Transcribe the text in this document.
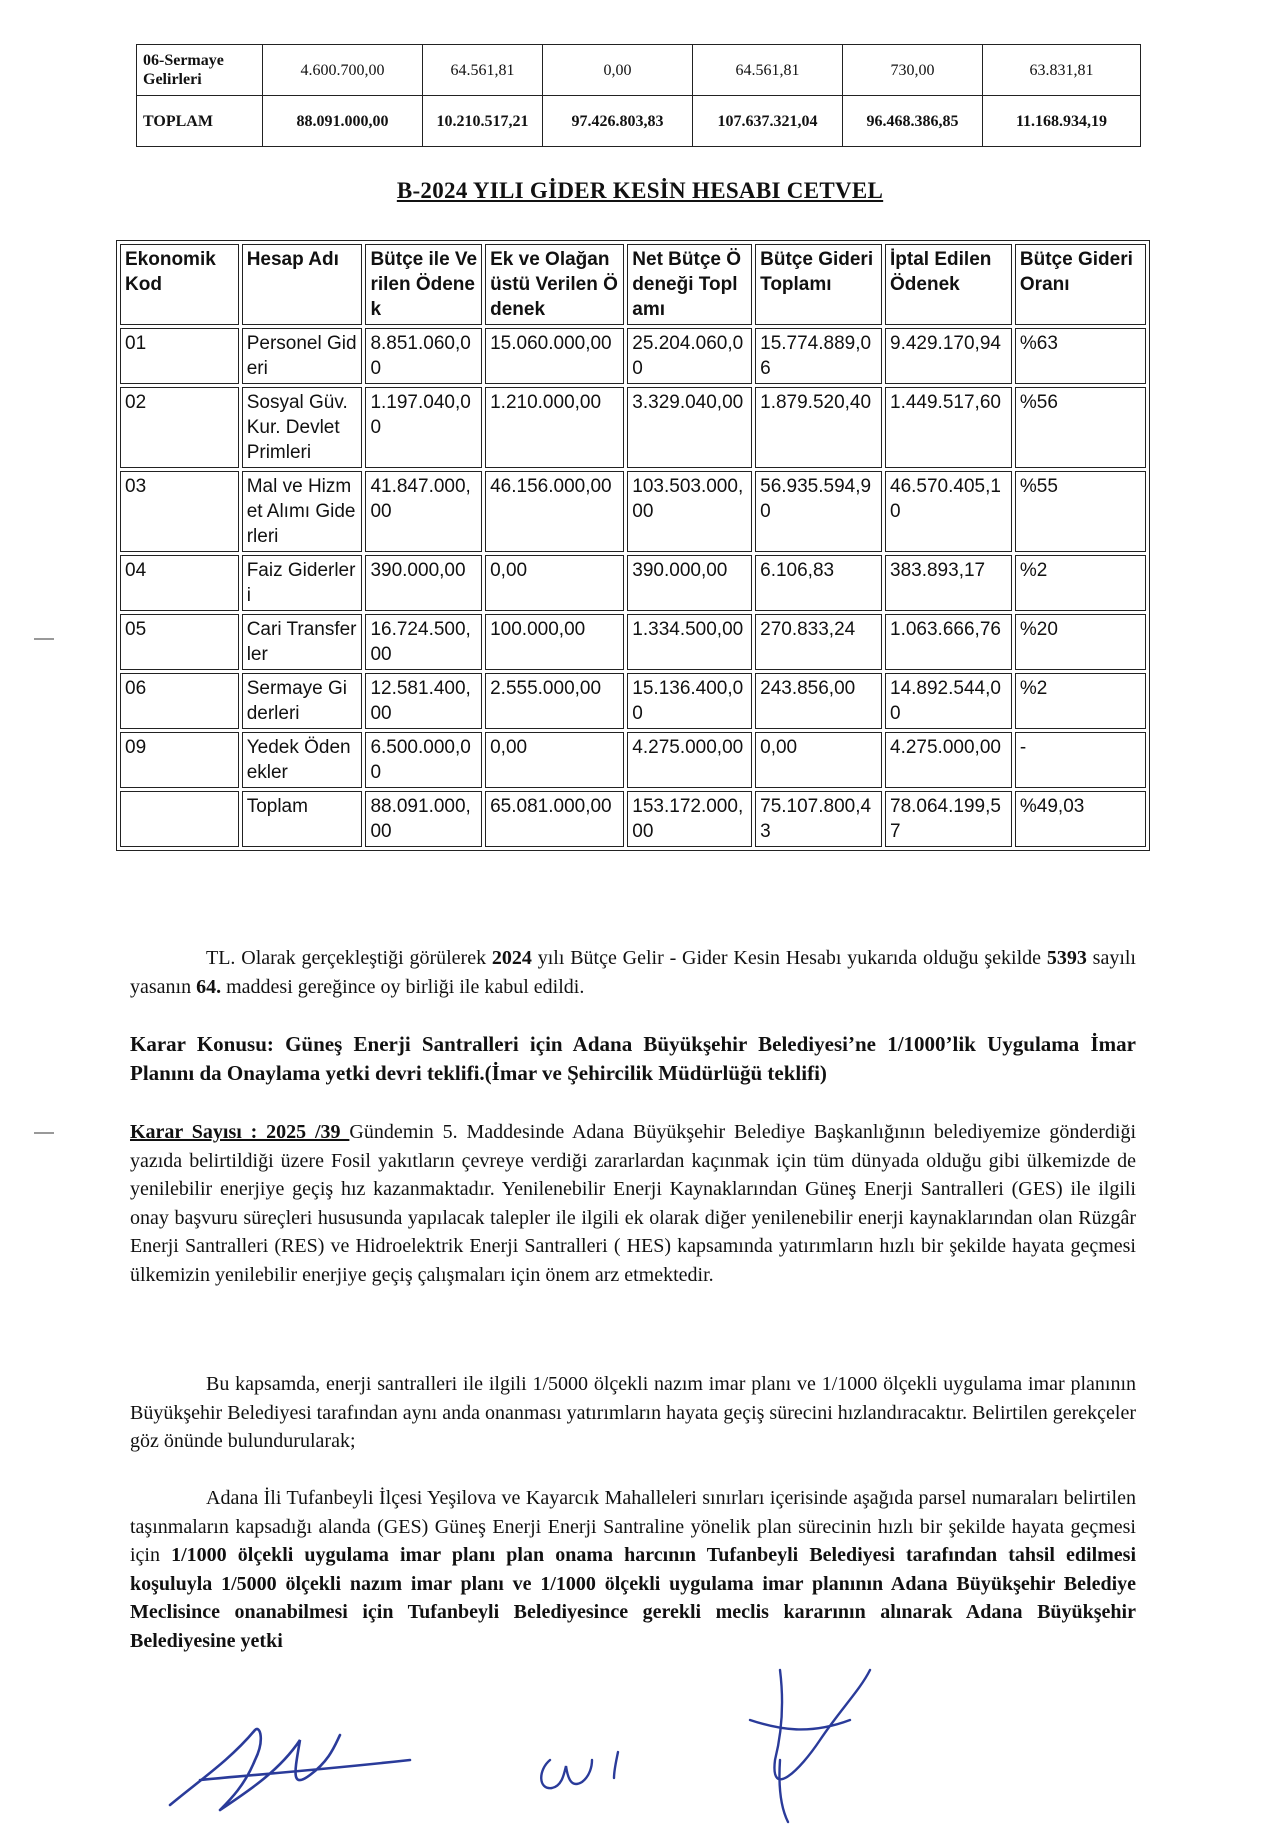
06-Sermaye Gelirleri	4.600.700,00	64.561,81	0,00	64.561,81	730,00	63.831,81
TOPLAM	88.091.000,00	10.210.517,21	97.426.803,83	107.637.321,04	96.468.386,85	11.168.934,19
B-2024 YILI GİDER KESİN HESABI CETVEL
Ekonomik Kod	Hesap Adı	Bütçe ile Verilen Ödenek	Ek ve Olağanüstü Verilen Ödenek	Net Bütçe Ödeneği Toplamı	Bütçe Gideri Toplamı	İptal Edilen Ödenek	Bütçe Gideri Oranı
01	Personel Gideri	8.851.060,00	15.060.000,00	25.204.060,00	15.774.889,06	9.429.170,94	%63
02	Sosyal Güv. Kur. Devlet Primleri	1.197.040,00	1.210.000,00	3.329.040,00	1.879.520,40	1.449.517,60	%56
03	Mal ve Hizmet Alımı Giderleri	41.847.000,00	46.156.000,00	103.503.000,00	56.935.594,90	46.570.405,10	%55
04	Faiz Giderleri	390.000,00	0,00	390.000,00	6.106,83	383.893,17	%2
05	Cari Transferler	16.724.500,00	100.000,00	1.334.500,00	270.833,24	1.063.666,76	%20
06	Sermaye Giderleri	12.581.400,00	2.555.000,00	15.136.400,00	243.856,00	14.892.544,00	%2
09	Yedek Ödenekler	6.500.000,00	0,00	4.275.000,00	0,00	4.275.000,00	-
	Toplam	88.091.000,00	65.081.000,00	153.172.000,00	75.107.800,43	78.064.199,57	%49,03
TL. Olarak gerçekleştiği görülerek 2024 yılı Bütçe Gelir - Gider Kesin Hesabı yukarıda olduğu şekilde 5393 sayılı yasanın 64. maddesi gereğince oy birliği ile kabul edildi.
Karar Konusu: Güneş Enerji Santralleri için Adana Büyükşehir Belediyesi’ne 1/1000’lik Uygulama İmar Planını da Onaylama yetki devri teklifi.(İmar ve Şehircilik Müdürlüğü teklifi)
Karar Sayısı : 2025 /39 Gündemin 5. Maddesinde Adana Büyükşehir Belediye Başkanlığının belediyemize gönderdiği yazıda belirtildiği üzere Fosil yakıtların çevreye verdiği zararlardan kaçınmak için tüm dünyada olduğu gibi ülkemizde de yenilebilir enerjiye geçiş hız kazanmaktadır. Yenilenebilir Enerji Kaynaklarından Güneş Enerji Santralleri (GES) ile ilgili onay başvuru süreçleri hususunda yapılacak talepler ile ilgili ek olarak diğer yenilenebilir enerji kaynaklarından olan Rüzgâr Enerji Santralleri (RES) ve Hidroelektrik Enerji Santralleri ( HES) kapsamında yatırımların hızlı bir şekilde hayata geçmesi ülkemizin yenilebilir enerjiye geçiş çalışmaları için önem arz etmektedir.
Bu kapsamda, enerji santralleri ile ilgili 1/5000 ölçekli nazım imar planı ve 1/1000 ölçekli uygulama imar planının Büyükşehir Belediyesi tarafından aynı anda onanması yatırımların hayata geçiş sürecini hızlandıracaktır. Belirtilen gerekçeler göz önünde bulundurularak;
Adana İli Tufanbeyli İlçesi Yeşilova ve Kayarcık Mahalleleri sınırları içerisinde aşağıda parsel numaraları belirtilen taşınmaların kapsadığı alanda (GES) Güneş Enerji Enerji Santraline yönelik plan sürecinin hızlı bir şekilde hayata geçmesi için 1/1000 ölçekli uygulama imar planı plan onama harcının Tufanbeyli Belediyesi tarafından tahsil edilmesi koşuluyla 1/5000 ölçekli nazım imar planı ve 1/1000 ölçekli uygulama imar planının Adana Büyükşehir Belediye Meclisince onanabilmesi için Tufanbeyli Belediyesince gerekli meclis kararının alınarak Adana Büyükşehir Belediyesine yetki
